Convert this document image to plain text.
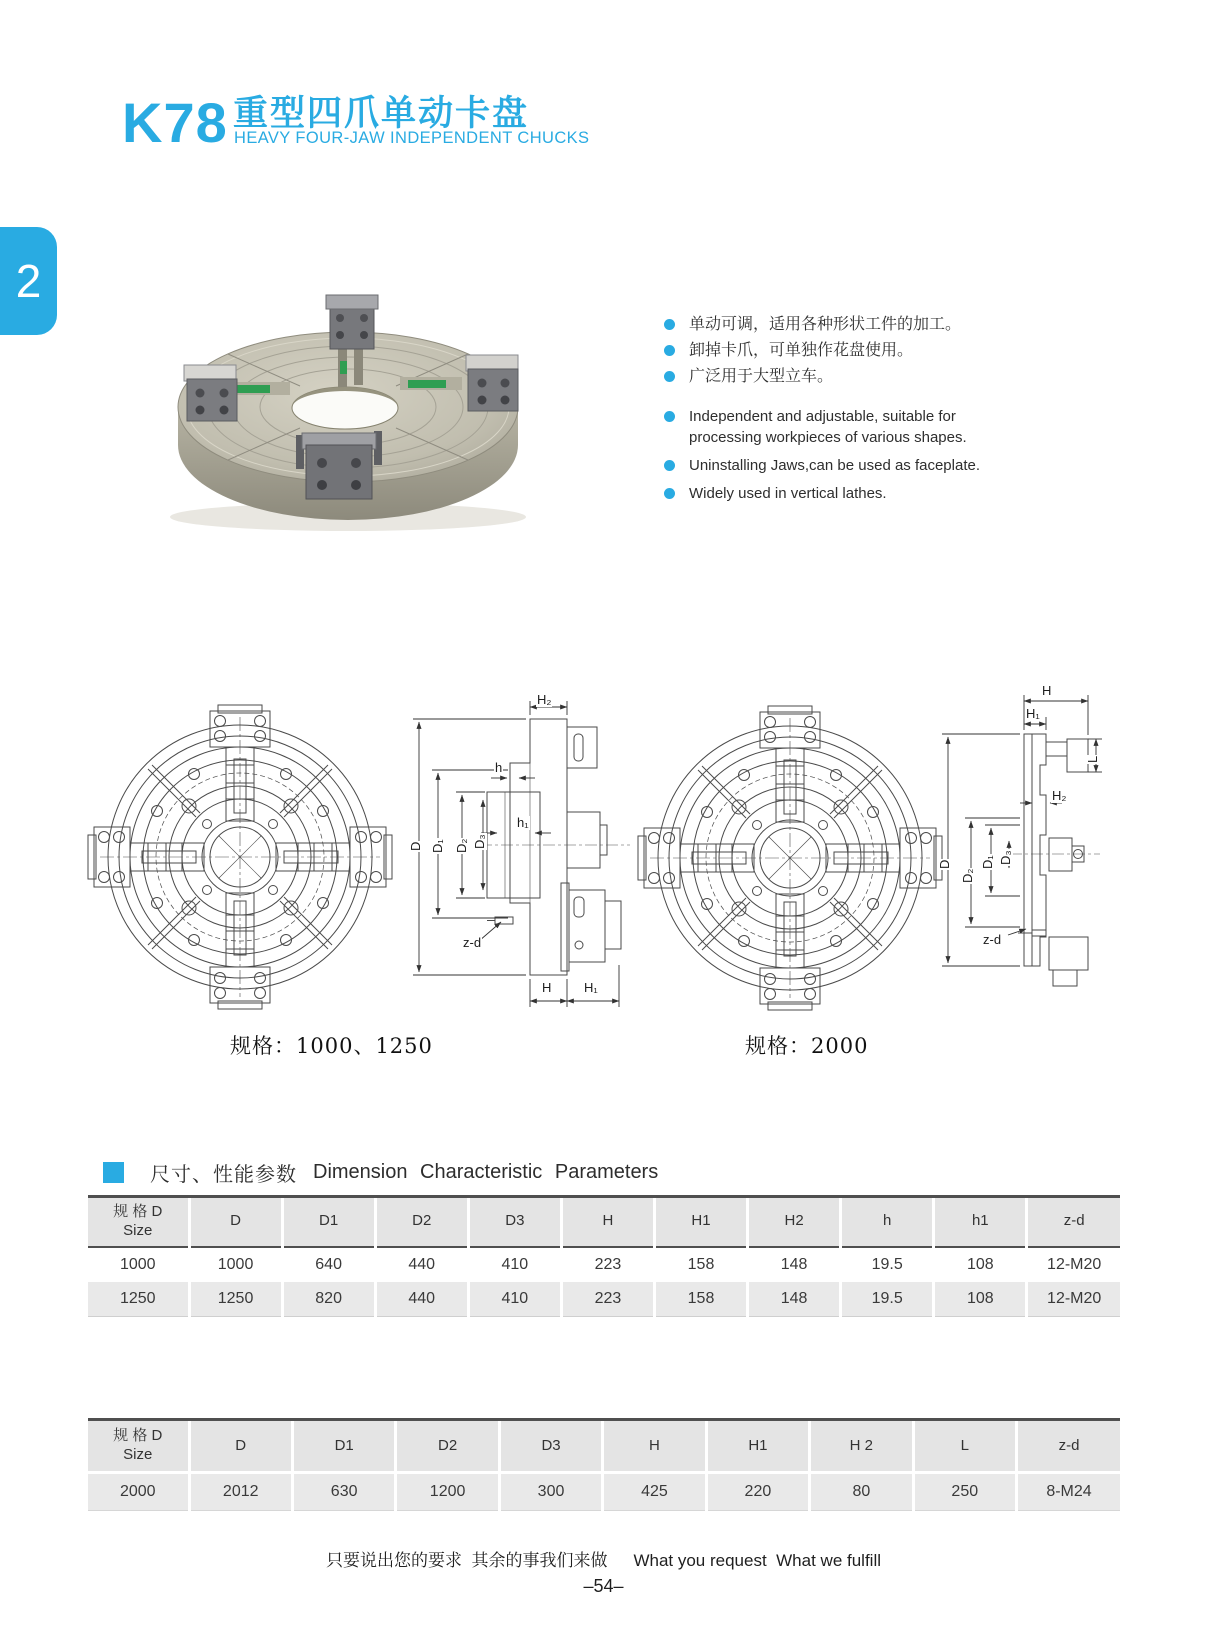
K78 重型四爪单动卡盘
HEAVY FOUR-JAW INDEPENDENT CHUCKS
2
单动可调，适用各种形状工件的加工。
卸掉卡爪，可单独作花盘使用。
广泛用于大型立车。
Independent and adjustable, suitable for processing workpieces of various shapes.
Uninstalling Jaws,can be used as faceplate.
Widely used in vertical lathes.
H₂
h
h₁
D D₁ D₂ D₃
z-d
H	H₁
H
H₁
L
H₂
D
D₂
D₁ D₃
z-d
规格：1000、1250	规格：2000
尺寸、性能参数 Dimension Characteristic Parameters
规 格 D
Size	D	D1	D2	D3	H	H1	H2	h	h1	z-d
1000	1000	640	440	410	223	158	148	19.5	108	12-M20
1250	1250	820	440	410	223	158	148	19.5	108	12-M20
规 格 D
Size	D	D1	D2	D3	H	H1	H 2	L	z-d
2000	2012	630	1200	300	425	220	80	250	8-M24
只要说出您的要求  其余的事我们来做 What you request  What we fulfill
–54–
